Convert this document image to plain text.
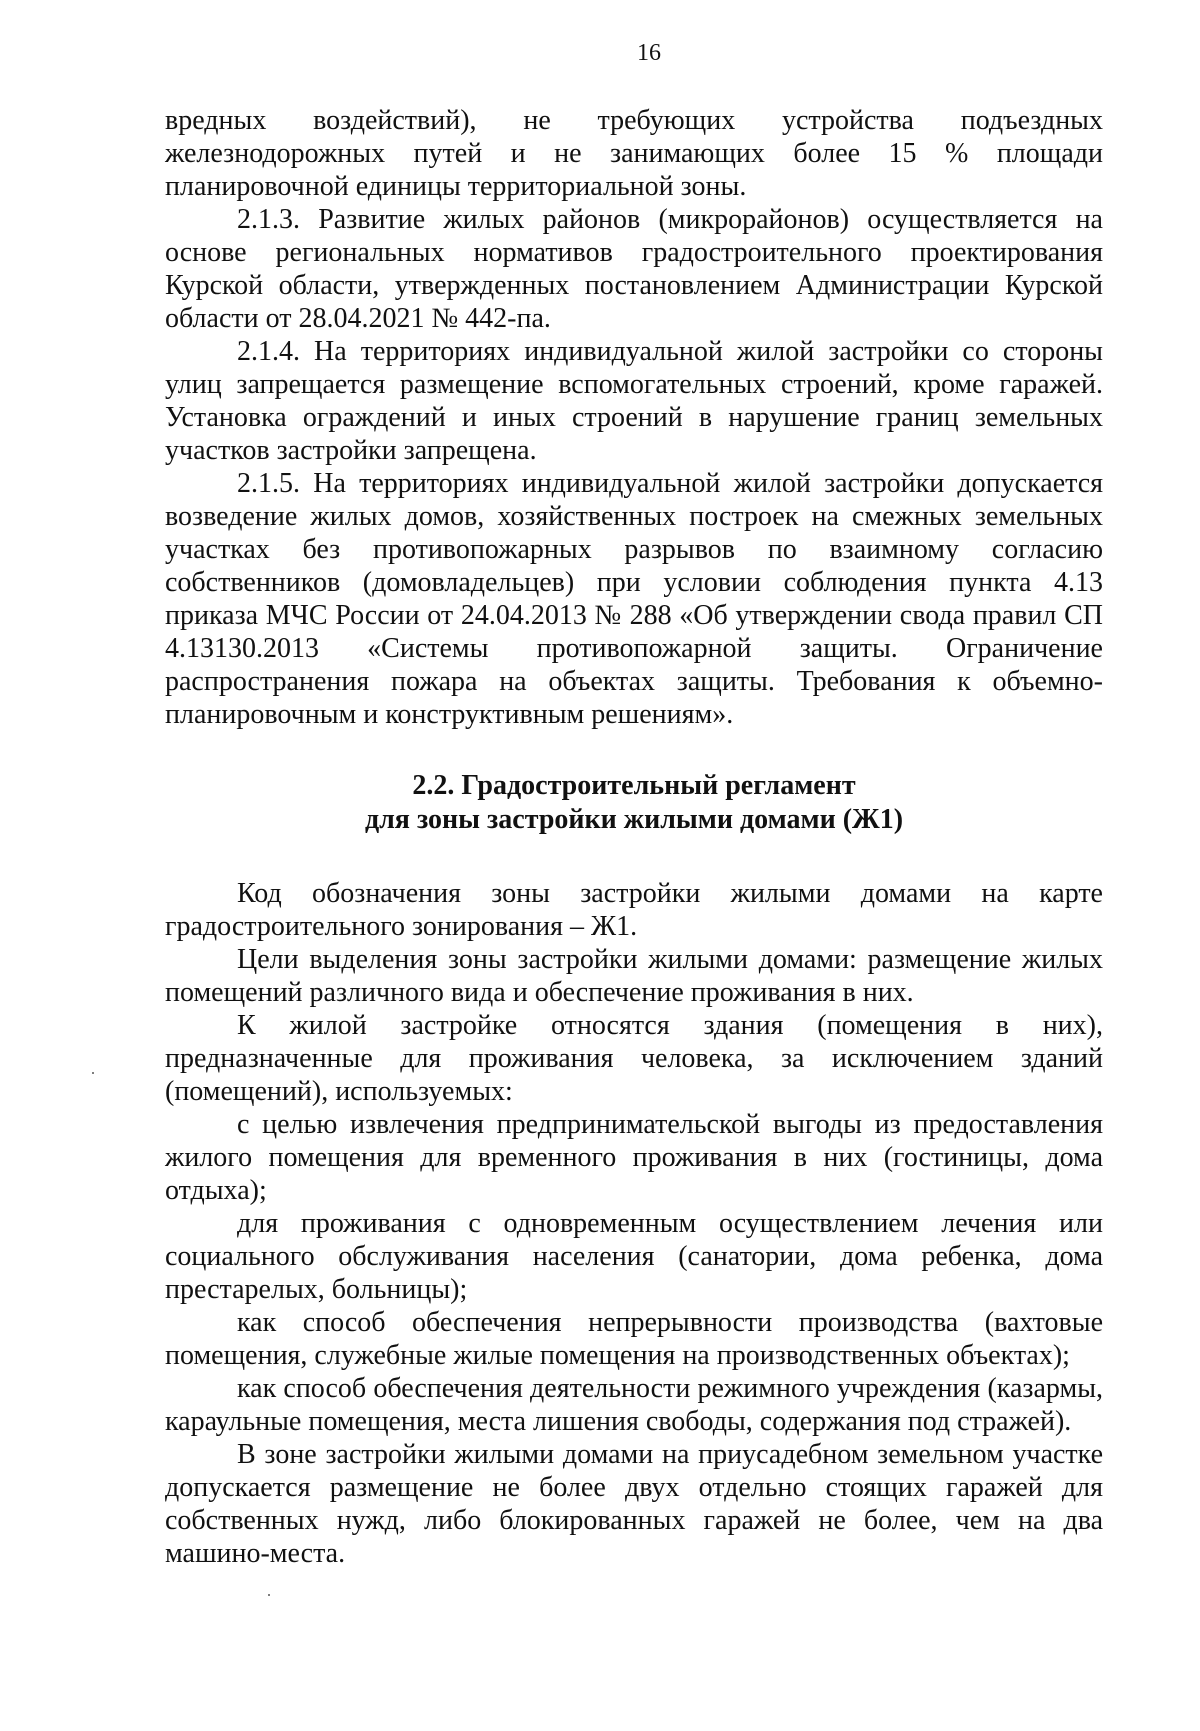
16

вредных воздействий), не требующих устройства подъездных железнодорожных путей и не занимающих более 15 % площади планировочной единицы территориальной зоны.

2.1.3. Развитие жилых районов (микрорайонов) осуществляется на основе региональных нормативов градостроительного проектирования Курской области, утвержденных постановлением Администрации Курской области от 28.04.2021 № 442-па.

2.1.4. На территориях индивидуальной жилой застройки со стороны улиц запрещается размещение вспомогательных строений, кроме гаражей. Установка ограждений и иных строений в нарушение границ земельных участков застройки запрещена.

2.1.5. На территориях индивидуальной жилой застройки допускается возведение жилых домов, хозяйственных построек на смежных земельных участках без противопожарных разрывов по взаимному согласию собственников (домовладельцев) при условии соблюдения пункта 4.13 приказа МЧС России от 24.04.2013 № 288 «Об утверждении свода правил СП 4.13130.2013 «Системы противопожарной защиты. Ограничение распространения пожара на объектах защиты. Требования к объемно-планировочным и конструктивным решениям».

2.2. Градостроительный регламент
для зоны застройки жилыми домами (Ж1)

Код обозначения зоны застройки жилыми домами на карте градостроительного зонирования – Ж1.

Цели выделения зоны застройки жилыми домами: размещение жилых помещений различного вида и обеспечение проживания в них.

К жилой застройке относятся здания (помещения в них), предназначенные для проживания человека, за исключением зданий (помещений), используемых:

с целью извлечения предпринимательской выгоды из предоставления жилого помещения для временного проживания в них (гостиницы, дома отдыха);

для проживания с одновременным осуществлением лечения или социального обслуживания населения (санатории, дома ребенка, дома престарелых, больницы);

как способ обеспечения непрерывности производства (вахтовые помещения, служебные жилые помещения на производственных объектах);

как способ обеспечения деятельности режимного учреждения (казармы, караульные помещения, места лишения свободы, содержания под стражей).

В зоне застройки жилыми домами на приусадебном земельном участке допускается размещение не более двух отдельно стоящих гаражей для собственных нужд, либо блокированных гаражей не более, чем на два машино-места.
